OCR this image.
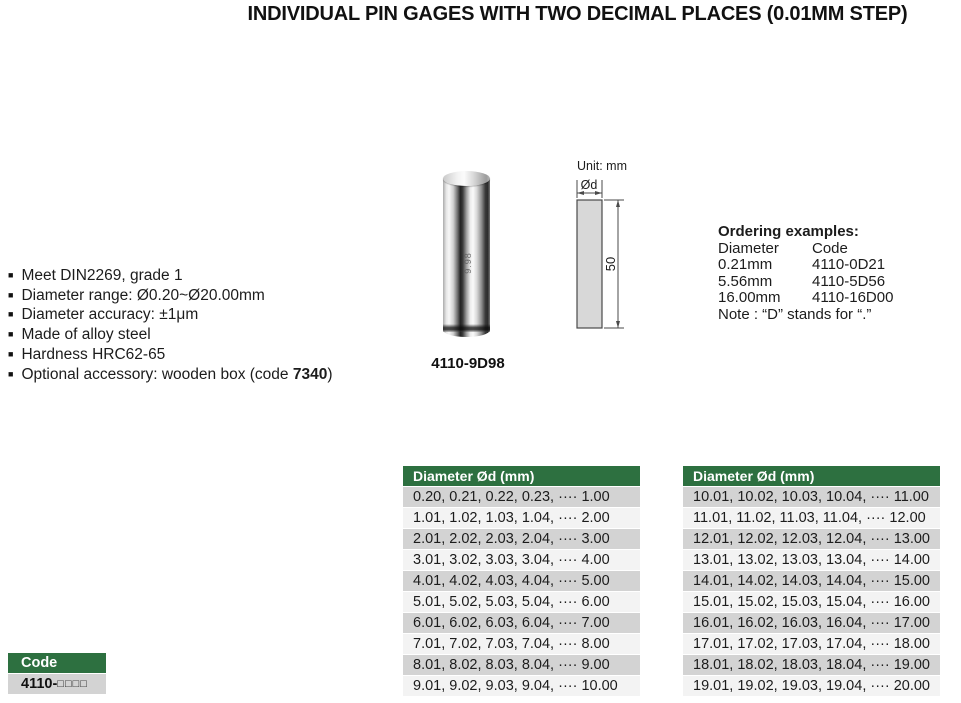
INDIVIDUAL PIN GAGES WITH TWO DECIMAL PLACES (0.01MM STEP)
■ Meet DIN2269, grade 1
■ Diameter range: Ø0.20~Ø20.00mm
■ Diameter accuracy: ±1μm
■ Made of alloy steel
■ Hardness HRC62-65
■ Optional accessory: wooden box (code 7340)
9.98
4110-9D98
Unit: mm
Ød
50
Ordering examples:
Diameter	Code
0.21mm	4110-0D21
5.56mm	4110-5D56
16.00mm	4110-16D00
Note : “D” stands for “.”
Diameter Ød (mm)
0.20, 0.21, 0.22, 0.23, ···· 1.00
1.01, 1.02, 1.03, 1.04, ···· 2.00
2.01, 2.02, 2.03, 2.04, ···· 3.00
3.01, 3.02, 3.03, 3.04, ···· 4.00
4.01, 4.02, 4.03, 4.04, ···· 5.00
5.01, 5.02, 5.03, 5.04, ···· 6.00
6.01, 6.02, 6.03, 6.04, ···· 7.00
7.01, 7.02, 7.03, 7.04, ···· 8.00
8.01, 8.02, 8.03, 8.04, ···· 9.00
9.01, 9.02, 9.03, 9.04, ···· 10.00
Diameter Ød (mm)
10.01, 10.02, 10.03, 10.04, ···· 11.00
11.01, 11.02, 11.03, 11.04, ···· 12.00
12.01, 12.02, 12.03, 12.04, ···· 13.00
13.01, 13.02, 13.03, 13.04, ···· 14.00
14.01, 14.02, 14.03, 14.04, ···· 15.00
15.01, 15.02, 15.03, 15.04, ···· 16.00
16.01, 16.02, 16.03, 16.04, ···· 17.00
17.01, 17.02, 17.03, 17.04, ···· 18.00
18.01, 18.02, 18.03, 18.04, ···· 19.00
19.01, 19.02, 19.03, 19.04, ···· 20.00
Code
4110-□□□□
